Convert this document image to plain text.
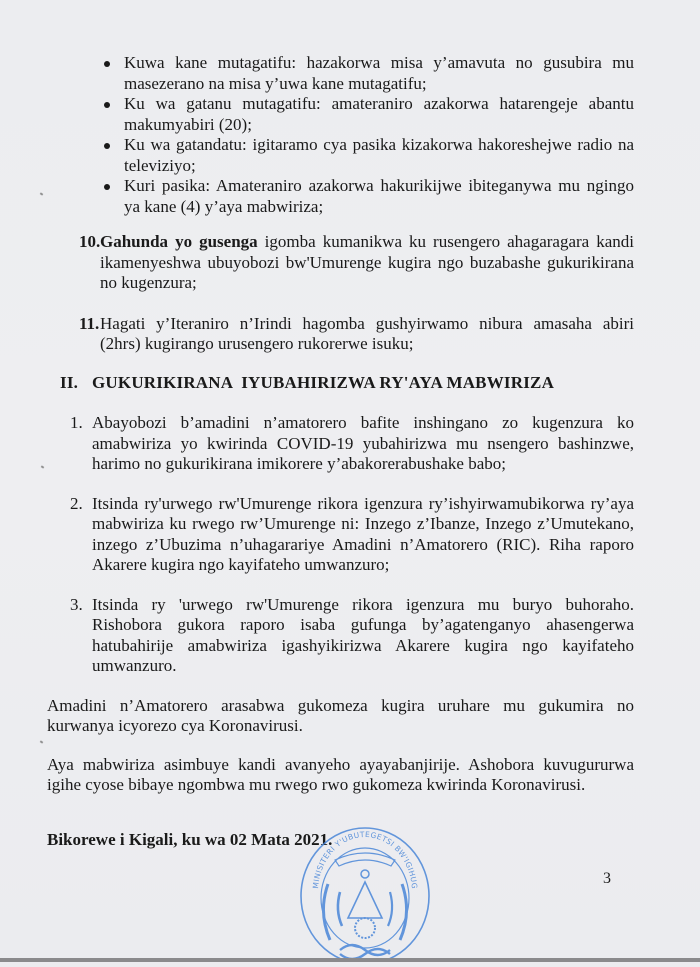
Kuwa kane mutagatifu: hazakorwa misa y’amavuta no gusubira mu
masezerano na misa y’uwa kane mutagatifu;
Ku wa gatanu mutagatifu: amateraniro azakorwa hatarengeje abantu
makumyabiri (20);
Ku wa gatandatu: igitaramo cya pasika kizakorwa hakoreshejwe radio na
televiziyo;
Kuri pasika: Amateraniro azakorwa hakurikijwe ibiteganywa mu ngingo
ya kane (4) y’aya mabwiriza;
10. Gahunda yo gusenga igomba kumanikwa ku rusengero ahagaragara kandi
ikamenyeshwa ubuyobozi bw'Umurenge kugira ngo buzabashe gukurikirana
no kugenzura;
11. Hagati y’Iteraniro n’Irindi hagomba gushyirwamo nibura amasaha abiri
(2hrs) kugirango urusengero rukorerwe isuku;
II. GUKURIKIRANA  IYUBAHIRIZWA RY'AYA MABWIRIZA
1. Abayobozi b’amadini n’amatorero bafite inshingano zo kugenzura ko
amabwiriza yo kwirinda COVID-19 yubahirizwa mu nsengero bashinzwe,
harimo no gukurikirana imikorere y’abakorerabushake babo;
2. Itsinda ry'urwego rw'Umurenge rikora igenzura ry’ishyirwamubikorwa ry’aya
mabwiriza ku rwego rw’Umurenge ni: Inzego z’Ibanze, Inzego z’Umutekano,
inzego z’Ubuzima n’uhagarariye Amadini n’Amatorero (RIC). Riha raporo
Akarere kugira ngo kayifateho umwanzuro;
3. Itsinda ry 'urwego rw'Umurenge rikora igenzura mu buryo buhoraho.
Rishobora gukora raporo isaba gufunga by’agatenganyo ahasengerwa
hatubahirije amabwiriza igashyikirizwa Akarere kugira ngo kayifateho
umwanzuro.
Amadini n’Amatorero arasabwa gukomeza kugira uruhare mu gukumira no
kurwanya icyorezo cya Koronavirusi.
Aya mabwiriza asimbuye kandi avanyeho ayayabanjirije. Ashobora kuvugururwa
igihe cyose bibaye ngombwa mu rwego rwo gukomeza kwirinda Koronavirusi.
Bikorewe i Kigali, ku wa 02 Mata 2021.
MINISITERI Y'UBUTEGETSI BW'IGIHUG	3
